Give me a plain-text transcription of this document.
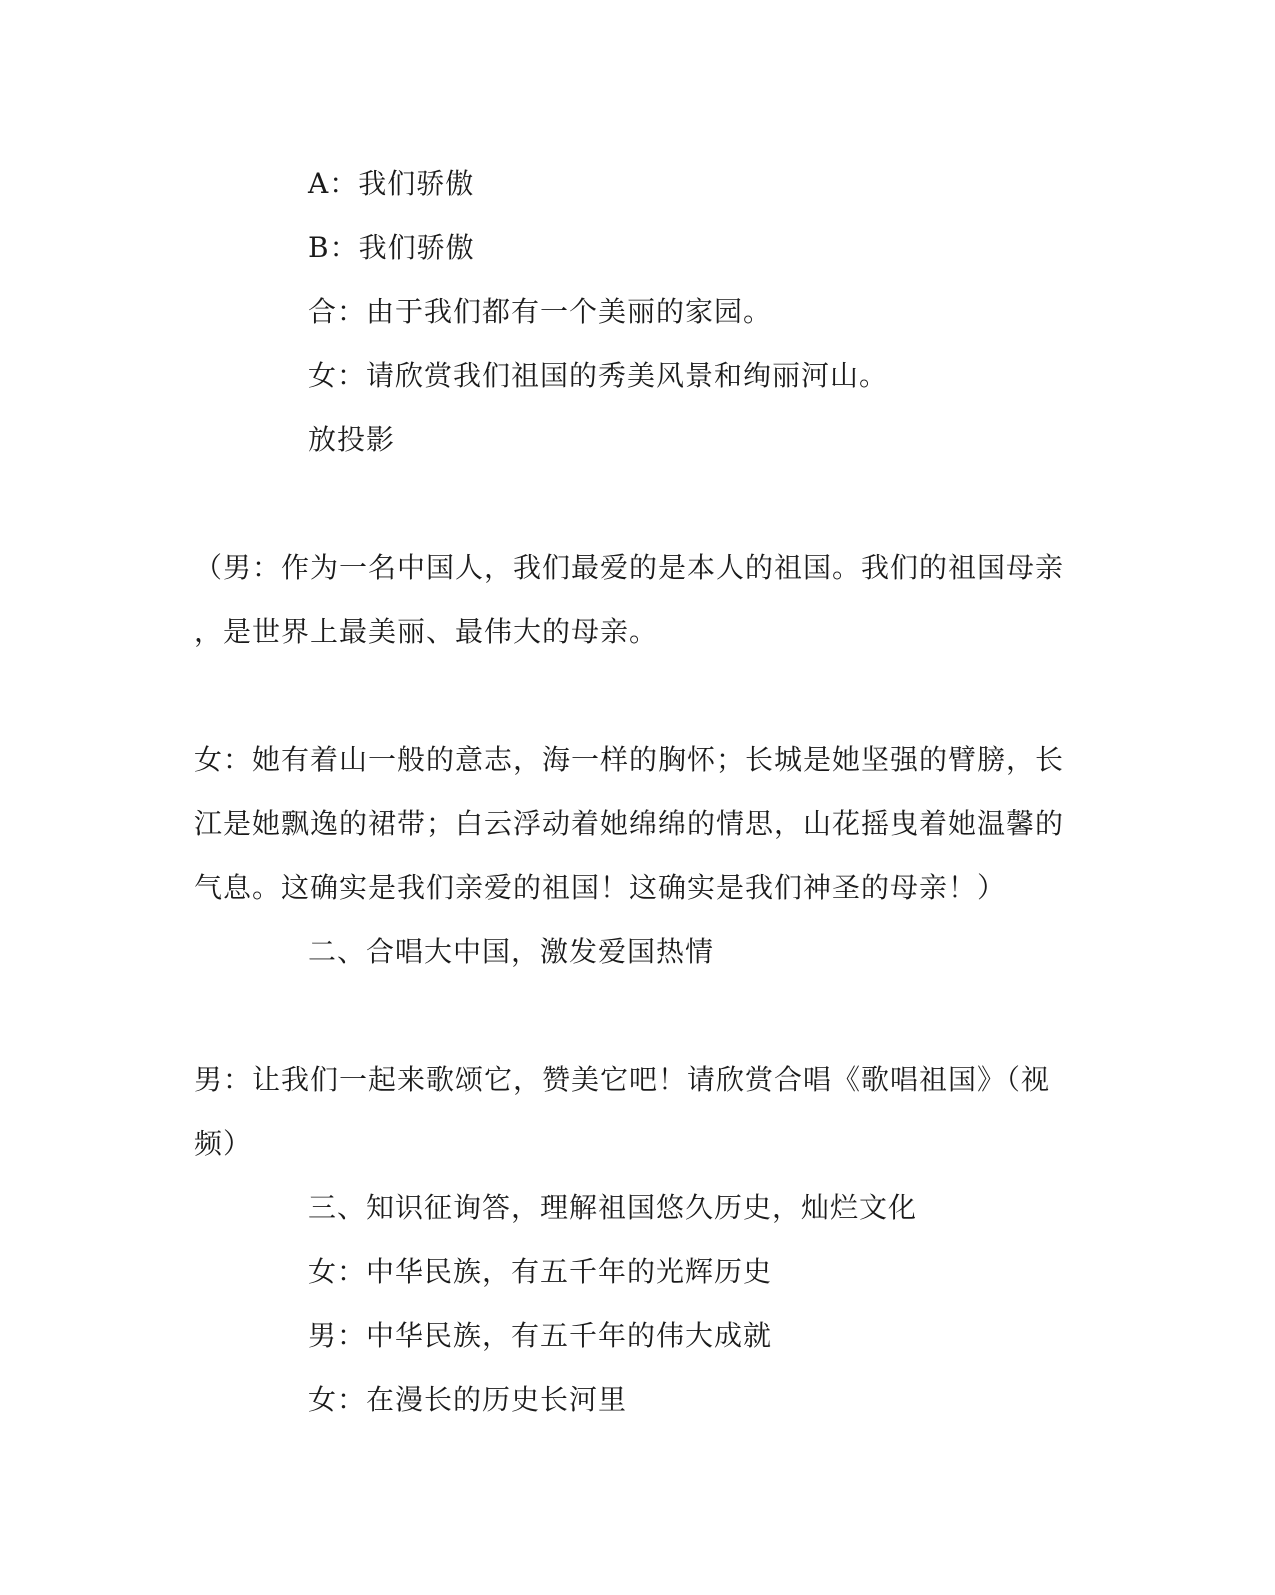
A：我们骄傲
B：我们骄傲
合：由于我们都有一个美丽的家园。
女：请欣赏我们祖国的秀美风景和绚丽河山。
放投影
（男：作为一名中国人，我们最爱的是本人的祖国。我们的祖国母亲
，是世界上最美丽、最伟大的母亲。
女：她有着山一般的意志，海一样的胸怀；长城是她坚强的臂膀，长
江是她飘逸的裙带；白云浮动着她绵绵的情思，山花摇曳着她温馨的
气息。这确实是我们亲爱的祖国！这确实是我们神圣的母亲！）
二、合唱大中国，激发爱国热情
男：让我们一起来歌颂它，赞美它吧！请欣赏合唱《歌唱祖国》（视
频）
三、知识征询答，理解祖国悠久历史，灿烂文化
女：中华民族，有五千年的光辉历史
男：中华民族，有五千年的伟大成就
女：在漫长的历史长河里
